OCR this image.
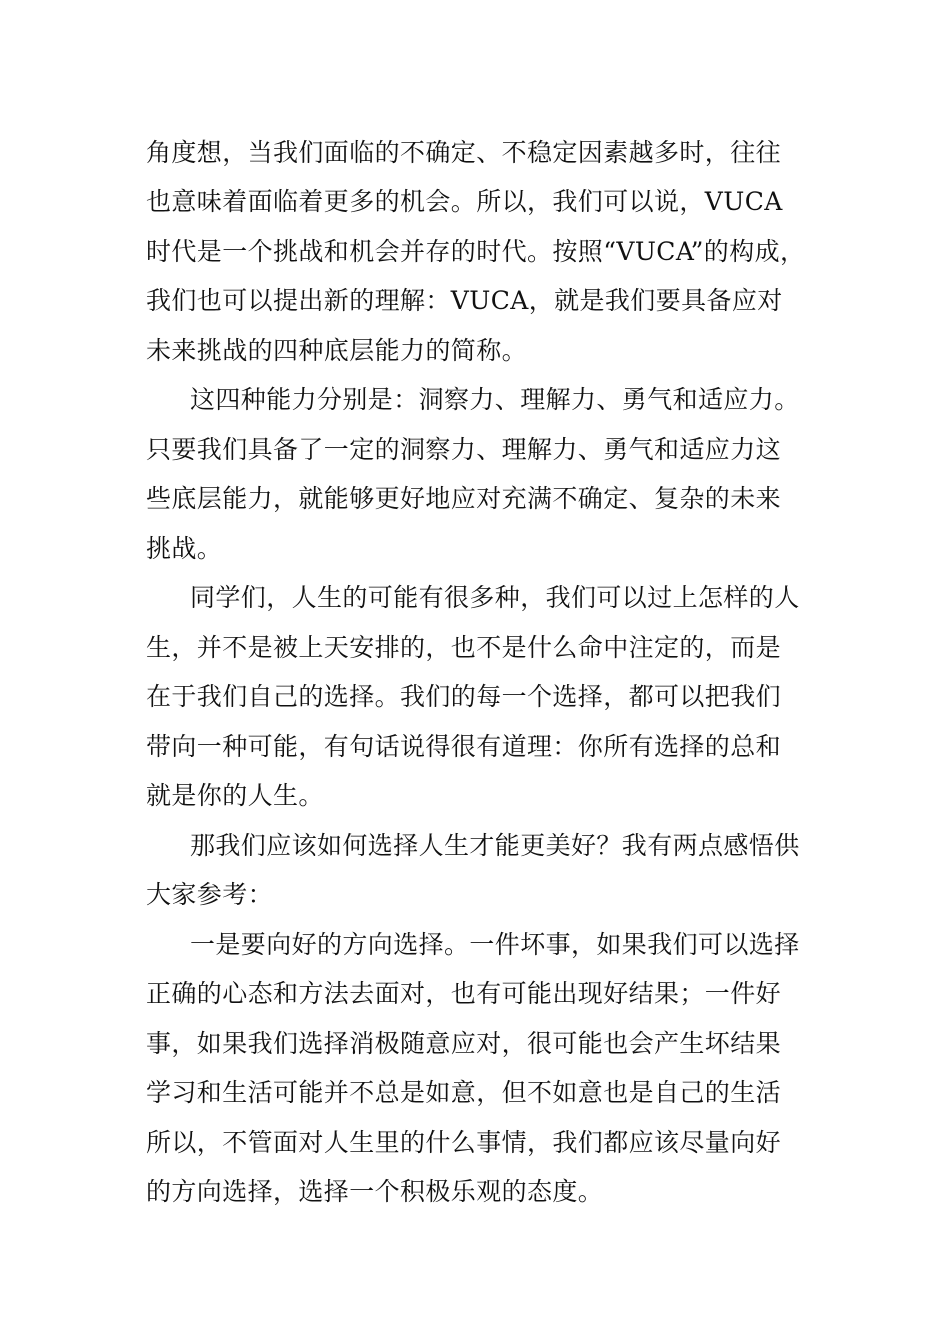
角度想，当我们面临的不确定、不稳定因素越多时，往往
也意味着面临着更多的机会。所以，我们可以说，VUCA
时代是一个挑战和机会并存的时代。按照“VUCA”的构成，
我们也可以提出新的理解：VUCA，就是我们要具备应对
未来挑战的四种底层能力的简称。
这四种能力分别是：洞察力、理解力、勇气和适应力。
只要我们具备了一定的洞察力、理解力、勇气和适应力这
些底层能力，就能够更好地应对充满不确定、复杂的未来
挑战。
同学们，人生的可能有很多种，我们可以过上怎样的人
生，并不是被上天安排的，也不是什么命中注定的，而是
在于我们自己的选择。我们的每一个选择，都可以把我们
带向一种可能，有句话说得很有道理：你所有选择的总和
就是你的人生。
那我们应该如何选择人生才能更美好？我有两点感悟供
大家参考：
一是要向好的方向选择。一件坏事，如果我们可以选择
正确的心态和方法去面对，也有可能出现好结果；一件好
事，如果我们选择消极随意应对，很可能也会产生坏结果
学习和生活可能并不总是如意，但不如意也是自己的生活
所以，不管面对人生里的什么事情，我们都应该尽量向好
的方向选择，选择一个积极乐观的态度。
